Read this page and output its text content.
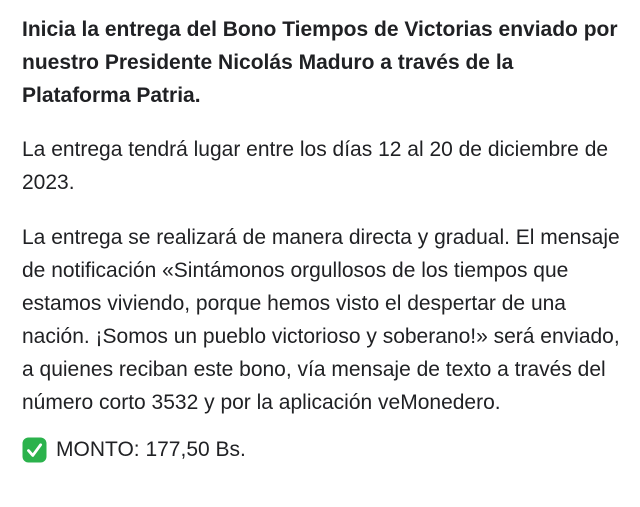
Inicia la entrega del Bono Tiempos de Victorias enviado por nuestro Presidente Nicolás Maduro a través de la Plataforma Patria.

La entrega tendrá lugar entre los días 12 al 20 de diciembre de 2023.

La entrega se realizará de manera directa y gradual. El mensaje de notificación «Sintámonos orgullosos de los tiempos que estamos viviendo, porque hemos visto el despertar de una nación. ¡Somos un pueblo victorioso y soberano!» será enviado, a quienes reciban este bono, vía mensaje de texto a través del número corto 3532 y por la aplicación veMonedero.

MONTO: 177,50 Bs.
